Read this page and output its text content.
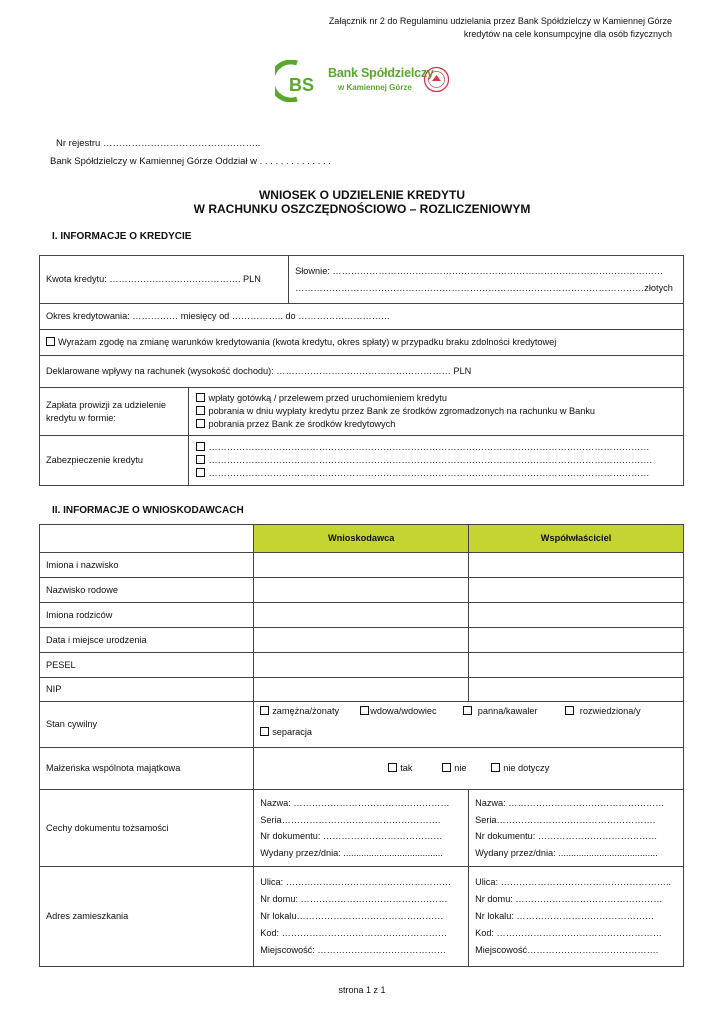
Załącznik nr 2 do Regulaminu udzielania przez Bank Spółdzielczy w Kamiennej Górze
kredytów na cele konsumpcyjne dla osób fizycznych
BS
Bank Spółdzielczy
w Kamiennej Górze
Nr rejestru …………………………………………..
Bank Spółdzielczy w Kamiennej Górze Oddział w . . . . . . . . . . . . . .
WNIOSEK O UDZIELENIE KREDYTU
W RACHUNKU OSZCZĘDNOŚCIOWO – ROZLICZENIOWYM
I. INFORMACJE O KREDYCIE
Kwota kredytu: ……………………………………. PLN		Słownie: ………………………………………………………………………………………………
……………………………………………………………………………………………………złotych

Okres kredytowania: …………… miesięcy od …………….. do …………………………		
Wyrażam zgodę na zmianę warunków kredytowania (kwota kredytu, okres spłaty) w przypadku braku zdolności kredytowej		
Deklarowane wpływy na rachunek (wysokość dochodu): ………………………………………………… PLN		
Zapłata prowizji za udzielenie kredytu w formie:	wpłaty gotówką / przelewem przed uruchomieniem kredytu
pobrania w dniu wypłaty kredytu przez Bank ze środków zgromadzonych na rachunku w Banku
pobrania przez Bank ze środków kredytowych	

Zabezpieczenie kredytu	………………………………………………………………………………………………………………………………
……………………………………………………………………………………………………………………………….
………………………………………………………………………………………………………………………………	
II. INFORMACJE O WNIOSKODAWCACH
	Wnioskodawca	Współwłaściciel
Imiona i nazwisko		
Nazwisko rodowe		
Imiona rodziców		
Data i miejsce urodzenia		
PESEL		
NIP		
Stan cywilny	zamężna/żonaty wdowa/wdowiec panna/kawaler rozwiedziona/y
separacja	

Małżeńska wspólnota majątkowa	tak nie nie dotyczy	

Cechy dokumentu tożsamości	Nazwa: ……………………………………………
Seria…………………………………………….
Nr dokumentu: …………………………………
Wydany przez/dnia: .......................................	Nazwa: ……………………………………………
Seria…………………………………………….
Nr dokumentu: …………………………………
Wydany przez/dnia: .......................................

Adres zamieszkania	Ulica: ………………………………………………
Nr domu: …………………………………………
Nr lokalu…………………………………………
Kod: ………………………………………………
Miejscowość: ……………………………………	Ulica: ………………………………………………..
Nr domu: …………………………………………
Nr lokalu: ………………………………………
Kod: ………………………………………………
Miejscowość…………………………………….
strona 1 z 1
